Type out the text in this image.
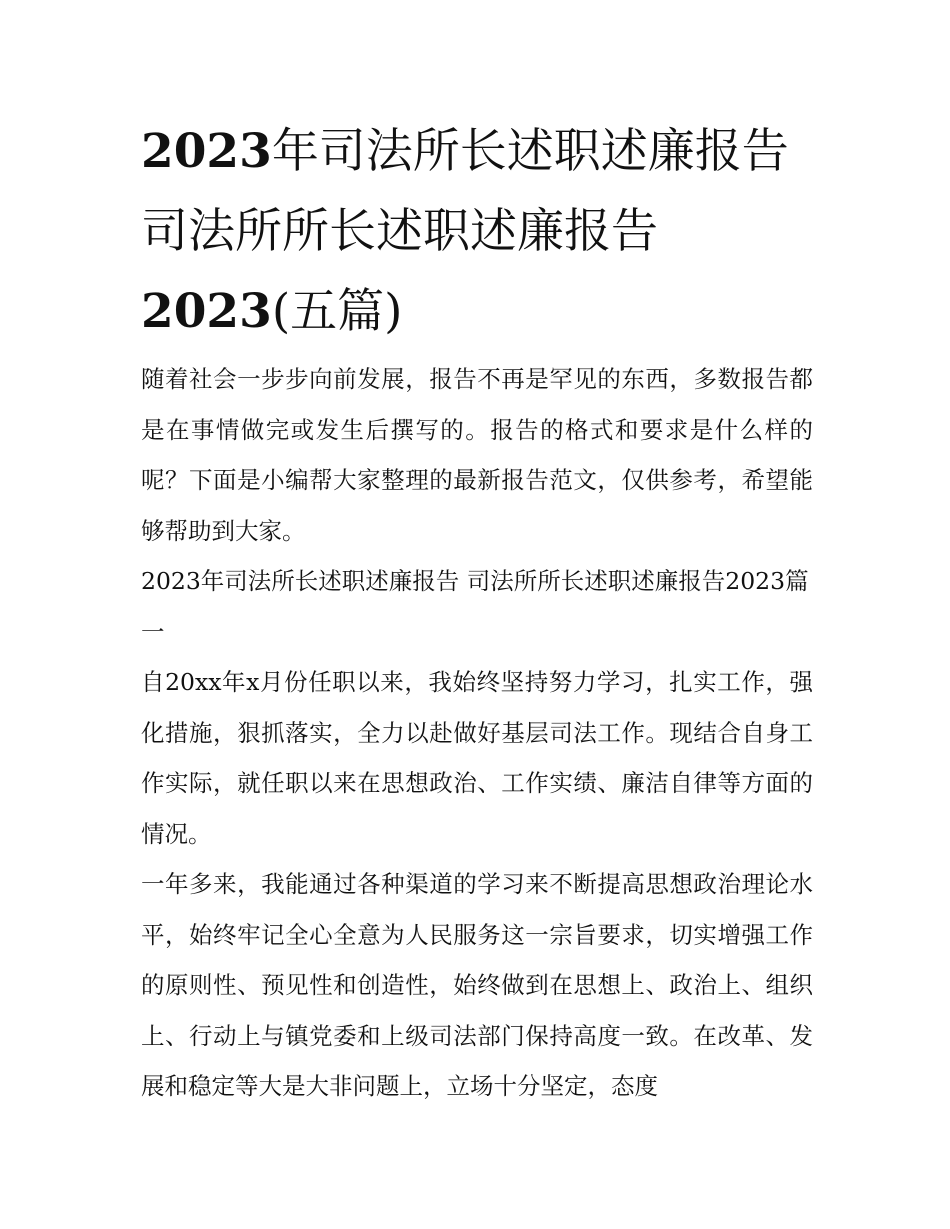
2023年司法所长述职述廉报告
司法所所长述职述廉报告
2023(五篇)

随着社会一步步向前发展，报告不再是罕见的东西，多数报告都是在事情做完或发生后撰写的。报告的格式和要求是什么样的呢？下面是小编帮大家整理的最新报告范文，仅供参考，希望能够帮助到大家。

2023年司法所长述职述廉报告 司法所所长述职述廉报告2023篇一

自20xx年x月份任职以来，我始终坚持努力学习，扎实工作，强化措施，狠抓落实，全力以赴做好基层司法工作。现结合自身工作实际，就任职以来在思想政治、工作实绩、廉洁自律等方面的情况。

一年多来，我能通过各种渠道的学习来不断提高思想政治理论水平，始终牢记全心全意为人民服务这一宗旨要求，切实增强工作的原则性、预见性和创造性，始终做到在思想上、政治上、组织上、行动上与镇党委和上级司法部门保持高度一致。在改革、发展和稳定等大是大非问题上，立场十分坚定，态度
